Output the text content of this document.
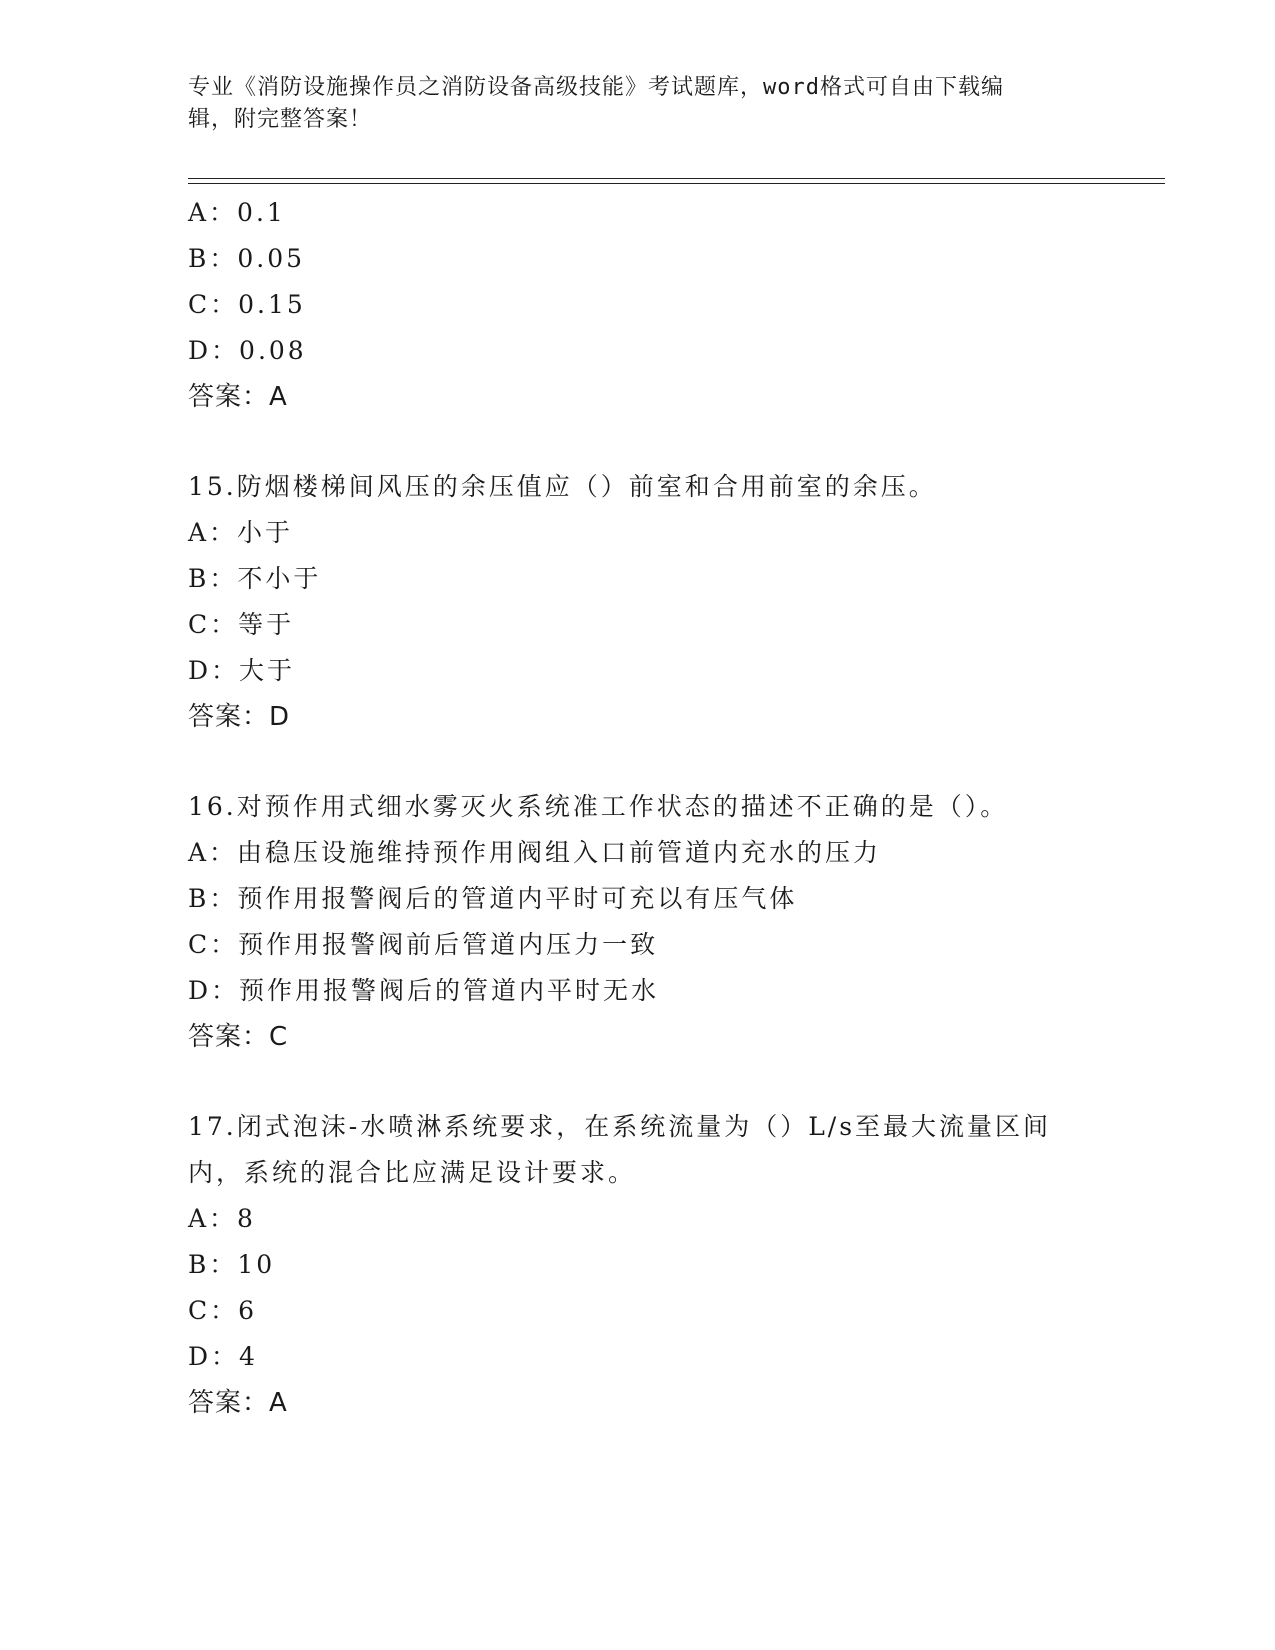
专业《消防设施操作员之消防设备高级技能》考试题库，word格式可自由下载编
辑，附完整答案！
A：0.1
B：0.05
C：0.15
D：0.08
答案：A
15.防烟楼梯间风压的余压值应（）前室和合用前室的余压。
A：小于
B：不小于
C：等于
D：大于
答案：D
16.对预作用式细水雾灭火系统准工作状态的描述不正确的是（）。
A：由稳压设施维持预作用阀组入口前管道内充水的压力
B：预作用报警阀后的管道内平时可充以有压气体
C：预作用报警阀前后管道内压力一致
D：预作用报警阀后的管道内平时无水
答案：C
17.闭式泡沫-水喷淋系统要求，在系统流量为（）L/s至最大流量区间
内，系统的混合比应满足设计要求。
A：8
B：10
C：6
D：4
答案：A
